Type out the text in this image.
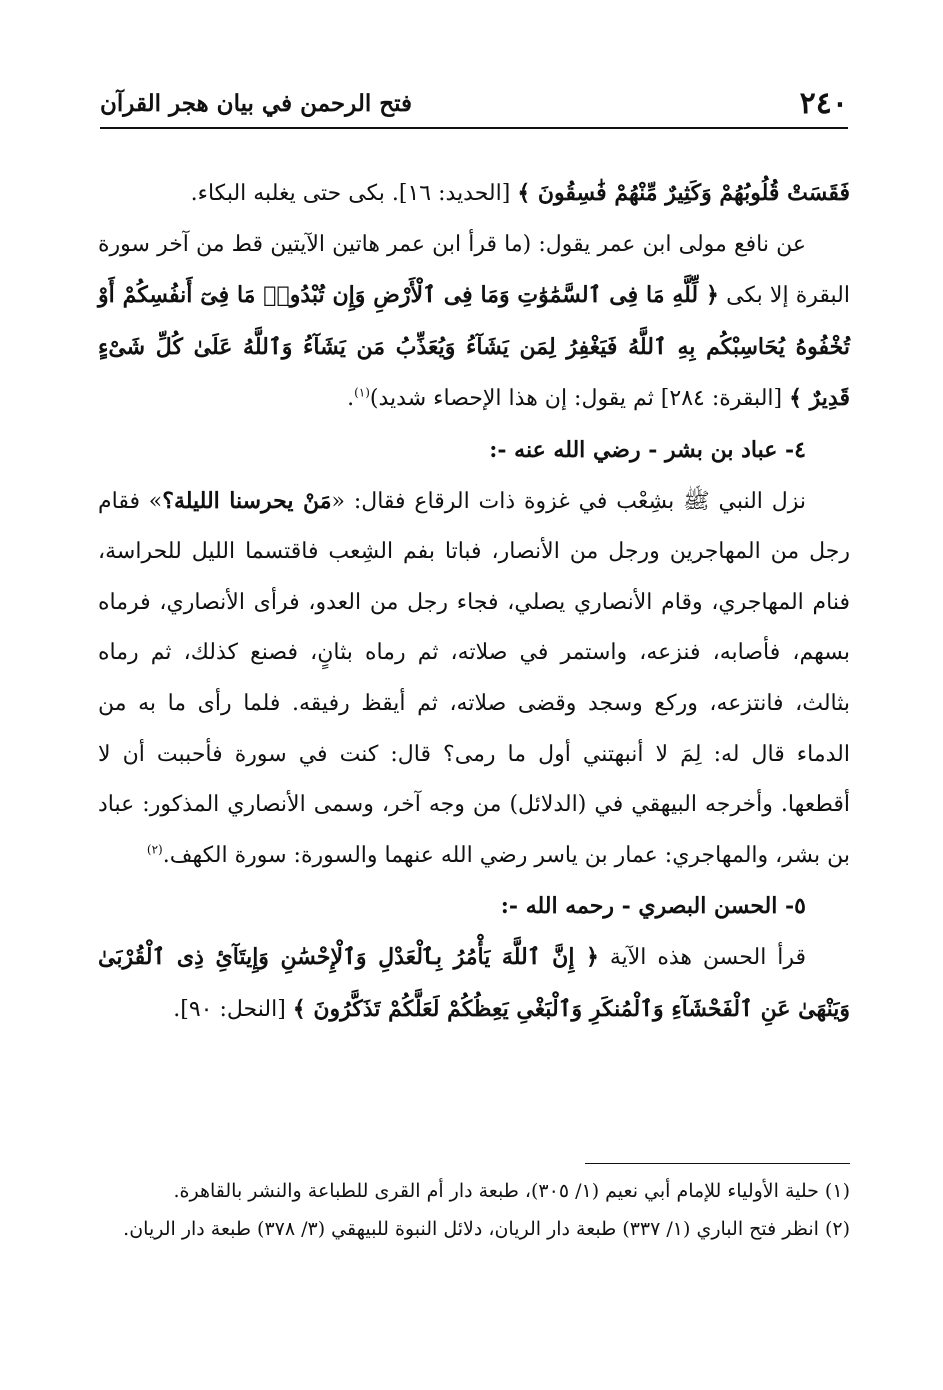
٢٤٠
فتح الرحمن في بيان هجر القرآن

فَقَسَتْ قُلُوبُهُمْ وَكَثِيرٌ مِّنْهُمْ فَٰسِقُونَ ﴾ [الحديد: ١٦]. بكى حتى يغلبه البكاء.

عن نافع مولى ابن عمر يقول: (ما قرأ ابن عمر هاتين الآيتين قط من آخر سورة البقرة إلا بكى ﴿ لِّلَّهِ مَا فِى ٱلسَّمَٰوَٰتِ وَمَا فِى ٱلْأَرْضِ وَإِن تُبْدُوا۟ مَا فِىٓ أَنفُسِكُمْ أَوْ تُخْفُوهُ يُحَاسِبْكُم بِهِ ٱللَّهُ فَيَغْفِرُ لِمَن يَشَآءُ وَيُعَذِّبُ مَن يَشَآءُ وَٱللَّهُ عَلَىٰ كُلِّ شَىْءٍ قَدِيرٌ ﴾ [البقرة: ٢٨٤] ثم يقول: إن هذا الإحصاء شديد)$^{(١)}$.

٤- عباد بن بشر - رضي الله عنه -:

نزل النبي ﷺ بشِعْب في غزوة ذات الرقاع فقال: «مَنْ يحرسنا الليلة؟» فقام رجل من المهاجرين ورجل من الأنصار، فباتا بفم الشِعب فاقتسما الليل للحراسة، فنام المهاجري، وقام الأنصاري يصلي، فجاء رجل من العدو، فرأى الأنصاري، فرماه بسهم، فأصابه، فنزعه، واستمر في صلاته، ثم رماه بثانٍ، فصنع كذلك، ثم رماه بثالث، فانتزعه، وركع وسجد وقضى صلاته، ثم أيقظ رفيقه. فلما رأى ما به من الدماء قال له: لِمَ لا أنبهتني أول ما رمى؟ قال: كنت في سورة فأحببت أن لا أقطعها. وأخرجه البيهقي في (الدلائل) من وجه آخر، وسمى الأنصاري المذكور: عباد بن بشر، والمهاجري: عمار بن ياسر رضي الله عنهما والسورة: سورة الكهف.$^{(٢)}$

٥- الحسن البصري - رحمه الله -:

قرأ الحسن هذه الآية ﴿ إِنَّ ٱللَّهَ يَأْمُرُ بِٱلْعَدْلِ وَٱلْإِحْسَٰنِ وَإِيتَآئِ ذِى ٱلْقُرْبَىٰ وَيَنْهَىٰ عَنِ ٱلْفَحْشَآءِ وَٱلْمُنكَرِ وَٱلْبَغْىِ يَعِظُكُمْ لَعَلَّكُمْ تَذَكَّرُونَ ﴾ [النحل: ٩٠].

(١) حلية الأولياء للإمام أبي نعيم (١/ ٣٠٥)، طبعة دار أم القرى للطباعة والنشر بالقاهرة.

(٢) انظر فتح الباري (١/ ٣٣٧) طبعة دار الريان، دلائل النبوة للبيهقي (٣/ ٣٧٨) طبعة دار الريان.
